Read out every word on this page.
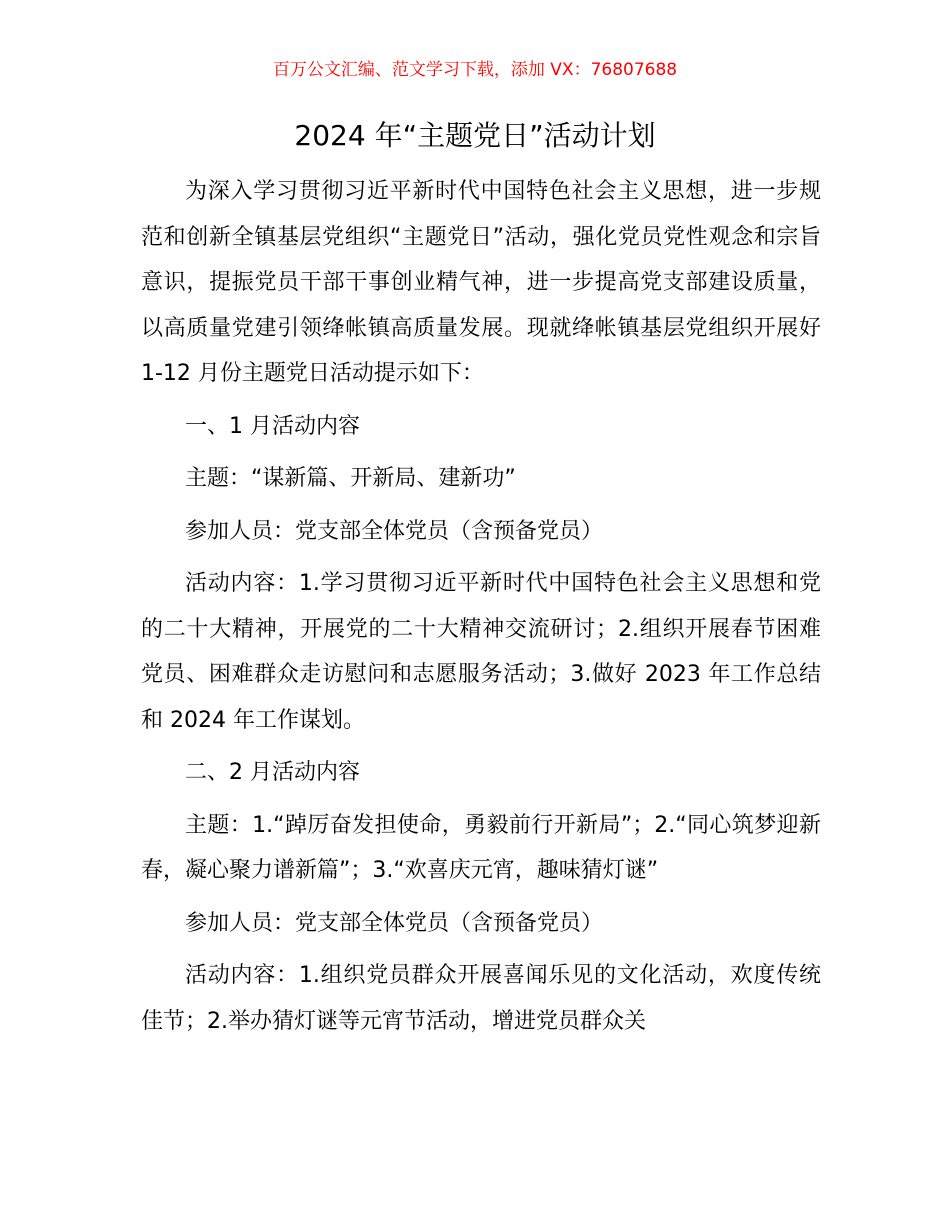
百万公文汇编、范文学习下载，添加 VX：76807688
2024 年“主题党日”活动计划

为深入学习贯彻习近平新时代中国特色社会主义思想，进一步规范和创新全镇基层党组织“主题党日”活动，强化党员党性观念和宗旨意识，提振党员干部干事创业精气神，进一步提高党支部建设质量，以高质量党建引领绛帐镇高质量发展。现就绛帐镇基层党组织开展好 1-12 月份主题党日活动提示如下：

一、1 月活动内容

主题：“谋新篇、开新局、建新功”

参加人员：党支部全体党员（含预备党员）

活动内容：1.学习贯彻习近平新时代中国特色社会主义思想和党的二十大精神，开展党的二十大精神交流研讨；2.组织开展春节困难党员、困难群众走访慰问和志愿服务活动；3.做好 2023 年工作总结和 2024 年工作谋划。

二、2 月活动内容

主题：1.“踔厉奋发担使命，勇毅前行开新局”；2.“同心筑梦迎新春，凝心聚力谱新篇”；3.“欢喜庆元宵，趣味猜灯谜”

参加人员：党支部全体党员（含预备党员）

活动内容：1.组织党员群众开展喜闻乐见的文化活动，欢度传统佳节；2.举办猜灯谜等元宵节活动，增进党员群众关
